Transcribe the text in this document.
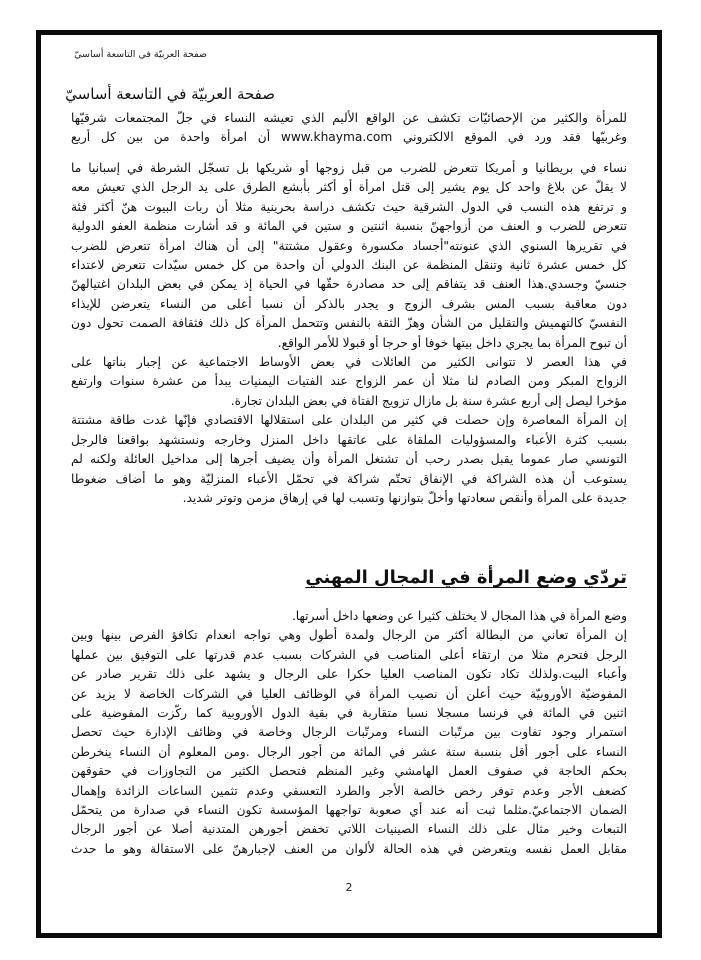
صفحة العربيّة في التاسعة أساسيّ
صفحة العربيّة في التاسعة أساسيّ
للمرأة والكثير من الإحصائيّات تكشف عن الواقع الأليم الذي تعيشه النساء في جلّ المجتمعات شرقيّها
وغربيّها فقد ورد في الموقع الالكتروني www.khayma.com أن امرأة واحدة من بين كل أربع
نساء في بريطانيا و أمريكا تتعرض للضرب من قبل زوجها أو شريكها بل تسجّل الشرطة في إسبانيا ما
لا يقلّ عن بلاغ واحد كل يوم يشير إلى قتل امرأة أو أكثر بأبشع الطرق على يد الرجل الذي تعيش معه
و ترتفع هذه النسب في الدول الشرقية حيث تكشف دراسة بحرينية مثلا أن ربات البيوت هنّ أكثر فئة
تتعرض للضرب و العنف من أزواجهنّ بنسبة اثنتين و ستين في المائة و قد أشارت منظمة العفو الدولية
في تقريرها السنوي الذي عنونته"أجساد مكسورة وعقول مشتتة" إلى أن هناك امرأة تتعرض للضرب
كل خمس عشرة ثانية وتنقل المنظمة عن البنك الدولي أن واحدة من كل خمس سيّدات تتعرض لاعتداء
جنسيّ وجسدي.هذا العنف قد يتفاقم إلى حد مصادرة حقّها في الحياة إذ يمكن في بعض البلدان اغتيالهنّ
دون معاقبة بسبب المس بشرف الزوج و يجدر بالذكر أن نسبا أعلى من النساء يتعرضن للإيذاء
النفسيّ كالتهميش والتقليل من الشأن وهزّ الثقة بالنفس وتتحمل المرأة كل ذلك فثقافة الصمت تحول دون
أن تبوح المرأة بما يجري داخل بيتها خوفا أو حرجا أو قبولا للأمر الواقع.
في هذا العصر لا تتوانى الكثير من العائلات في بعض الأوساط الاجتماعية عن إجبار بناتها على
الزواج المبكر ومن الصادم لنا مثلا أن عمر الزواج عند الفتيات اليمنيات يبدأ من عشرة سنوات وارتفع
مؤخرا ليصل إلى أربع عشرة سنة بل مازال تزويج الفتاة في بعض البلدان تجارة.
إن المرأة المعاصرة وإن حصلت في كثير من البلدان على استقلالها الاقتصادي فإنّها غدت طاقة مشتتة
بسبب كثرة الأعباء والمسؤوليات الملقاة على عاتقها داخل المنزل وخارجه ونستشهد بواقعنا فالرجل
التونسي صار عموما يقبل بصدر رحب أن تشتغل المرأة وأن يضيف أجرها إلى مداخيل العائلة ولكنه لم
يستوعب أن هذه الشراكة في الإنفاق تحتّم شراكة في تحمّل الأعباء المنزليّة وهو ما أضاف ضغوطا
جديدة على المرأة وأنقص سعادتها وأخلّ بتوازنها وتسبب لها في إرهاق مزمن وتوتر شديد.
تردّي وضع المرأة في المجال المهني
وضع المرأة في هذا المجال لا يختلف كثيرا عن وضعها داخل أسرتها.
إن المرأة تعاني من البطالة أكثر من الرجال ولمدة أطول وهي تواجه انعدام تكافؤ الفرص بينها وبين
الرجل فتحرم مثلا من ارتقاء أعلى المناصب في الشركات بسبب عدم قدرتها على التوفيق بين عملها
وأعباء البيت.ولذلك تكاد تكون المناصب العليا حكرا على الرجال و يشهد على ذلك تقرير صادر عن
المفوضيّة الأوروبيّة حيث أعلن أن نصيب المرأة في الوظائف العليا في الشركات الخاصة لا يزيد عن
اثنين في المائة في فرنسا مسجلا نسبا متقاربة في بقية الدول الأوروبية كما ركّزت المفوضية على
استمرار وجود تفاوت بين مرتّبات النساء ومرتّبات الرجال وخاصة في وظائف الإدارة حيث تحصل
النساء على أجور أقل بنسبة ستة عشر في المائة من أجور الرجال .ومن المعلوم أن النساء ينخرطن
بحكم الحاجة في صفوف العمل الهامشي وغير المنظم فتحصل الكثير من التجاوزات في حقوقهن
كضعف الأجر وعدم توفر رخص خالصة الأجر والطرد التعسفي وعدم تثمين الساعات الزائدة وإهمال
الضمان الاجتماعيّ.مثلما ثبت أنه عند أي صعوبة تواجهها المؤسسة تكون النساء في صدارة من يتحمّل
التبعات وخير مثال على ذلك النساء الصينيات اللاتي تخفض أجورهن المتدنية أصلا عن أجور الرجال
مقابل العمل نفسه ويتعرضن في هذه الحالة لألوان من العنف لإجبارهنّ على الاستقالة وهو ما حدث
2
